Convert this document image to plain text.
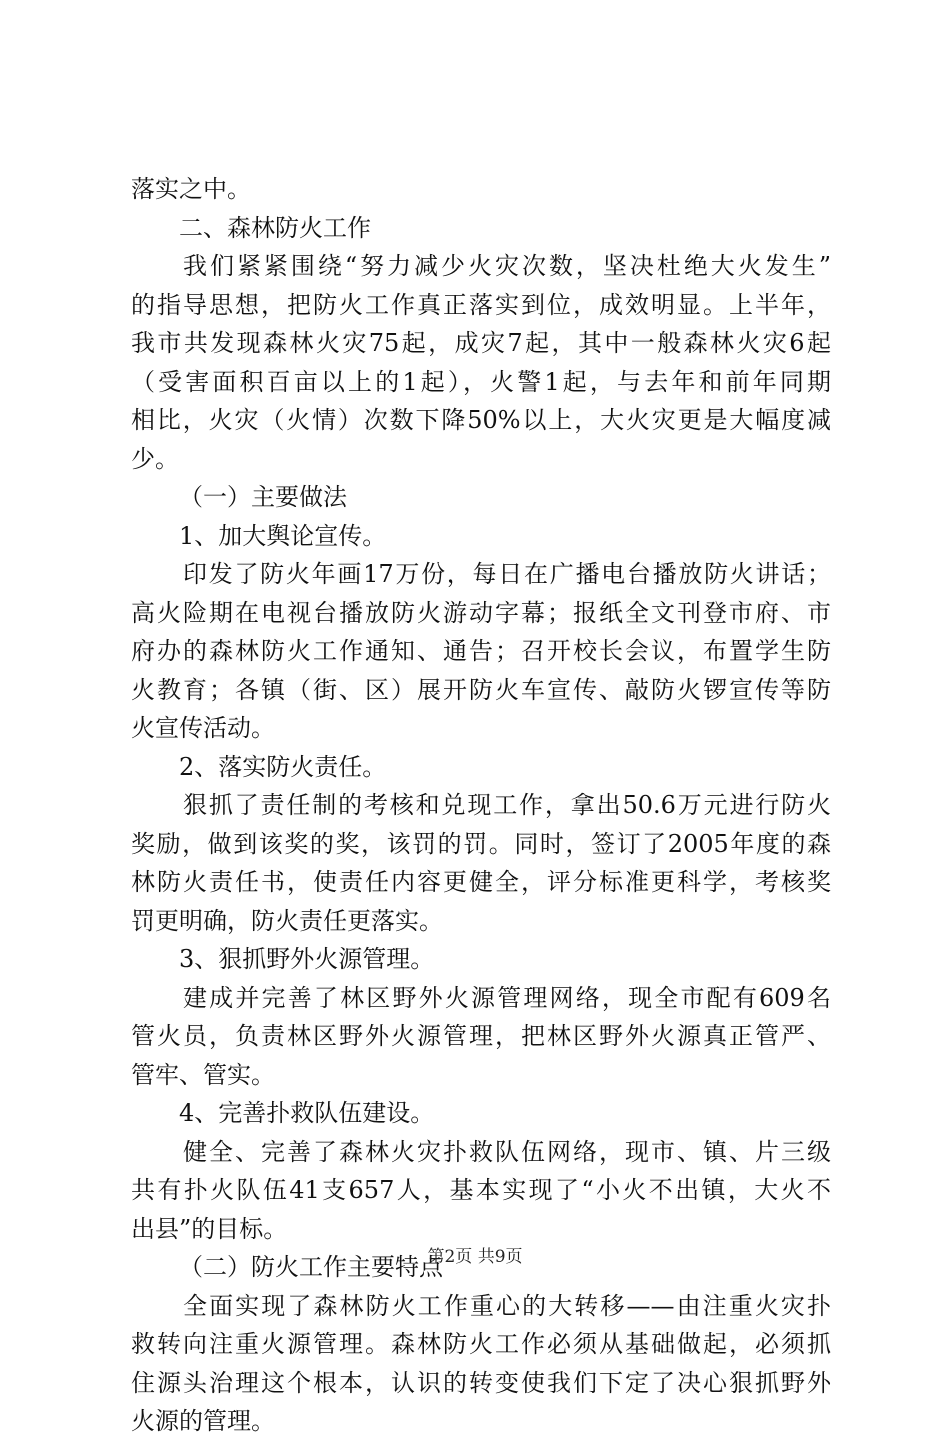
落实之中。
二、森林防火工作
我们紧紧围绕“努力减少火灾次数，坚决杜绝大火发生”
的指导思想，把防火工作真正落实到位，成效明显。上半年，
我市共发现森林火灾75起，成灾7起，其中一般森林火灾6起
（受害面积百亩以上的1起），火警1起，与去年和前年同期
相比，火灾（火情）次数下降50%以上，大火灾更是大幅度减
少。
（一）主要做法
1、加大舆论宣传。
印发了防火年画17万份，每日在广播电台播放防火讲话；
高火险期在电视台播放防火游动字幕；报纸全文刊登市府、市
府办的森林防火工作通知、通告；召开校长会议，布置学生防
火教育；各镇（街、区）展开防火车宣传、敲防火锣宣传等防
火宣传活动。
2、落实防火责任。
狠抓了责任制的考核和兑现工作，拿出50.6万元进行防火
奖励，做到该奖的奖，该罚的罚。同时，签订了2005年度的森
林防火责任书，使责任内容更健全，评分标准更科学，考核奖
罚更明确，防火责任更落实。
3、狠抓野外火源管理。
建成并完善了林区野外火源管理网络，现全市配有609名
管火员，负责林区野外火源管理，把林区野外火源真正管严、
管牢、管实。
4、完善扑救队伍建设。
健全、完善了森林火灾扑救队伍网络，现市、镇、片三级
共有扑火队伍41支657人，基本实现了“小火不出镇，大火不
出县”的目标。
（二）防火工作主要特点
全面实现了森林防火工作重心的大转移——由注重火灾扑
救转向注重火源管理。森林防火工作必须从基础做起，必须抓
住源头治理这个根本，认识的转变使我们下定了决心狠抓野外
火源的管理。
第2页 共9页
